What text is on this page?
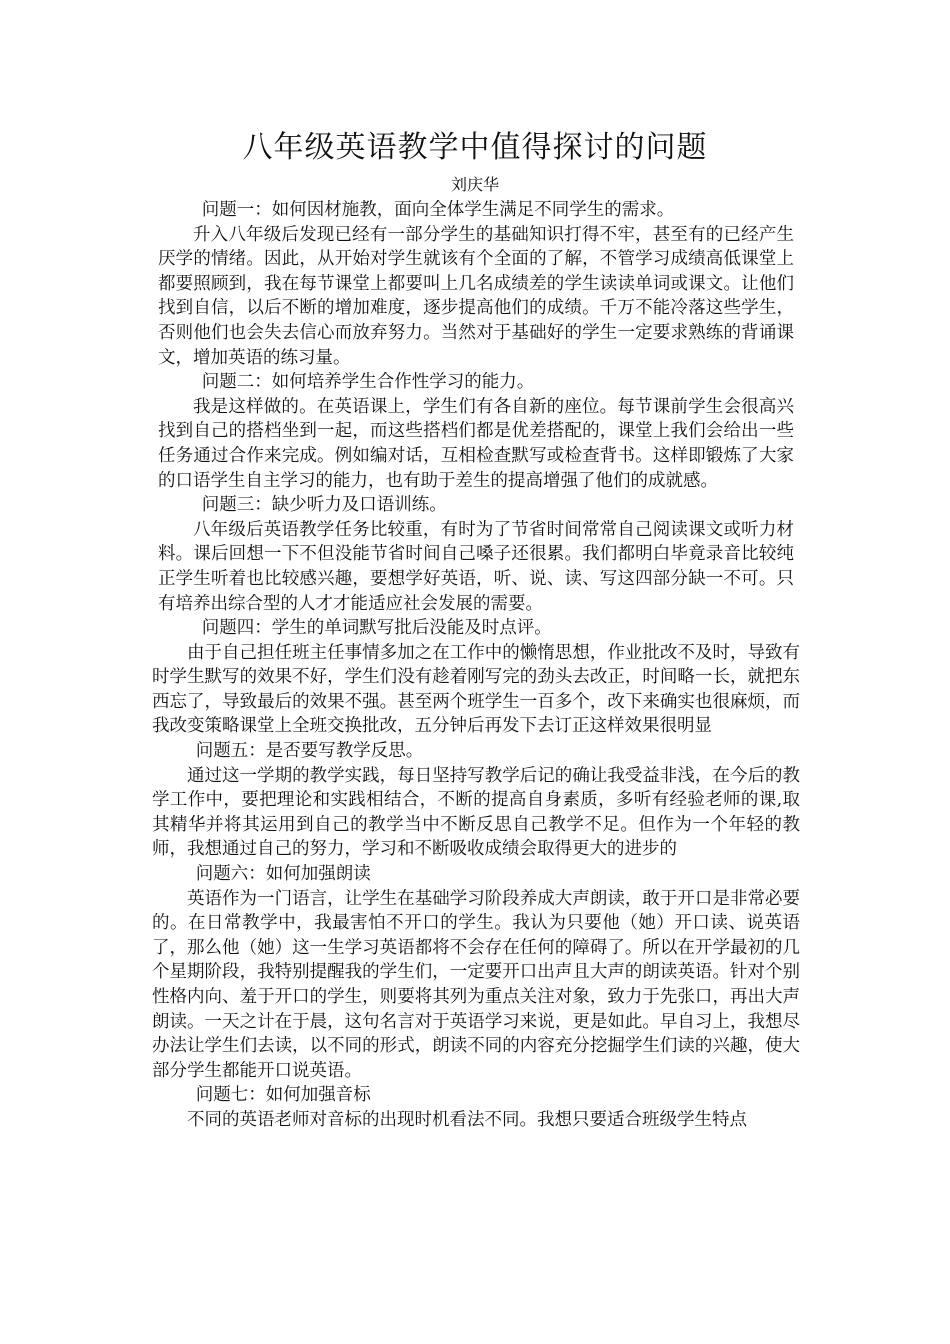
八年级英语教学中值得探讨的问题
刘庆华

问题一：如何因材施教，面向全体学生满足不同学生的需求。

升入八年级后发现已经有一部分学生的基础知识打得不牢，甚至有的已经产生厌学的情绪。因此，从开始对学生就该有个全面的了解，不管学习成绩高低课堂上都要照顾到，我在每节课堂上都要叫上几名成绩差的学生读读单词或课文。让他们找到自信，以后不断的增加难度，逐步提高他们的成绩。千万不能冷落这些学生，否则他们也会失去信心而放弃努力。当然对于基础好的学生一定要求熟练的背诵课文，增加英语的练习量。

问题二：如何培养学生合作性学习的能力。

我是这样做的。在英语课上，学生们有各自新的座位。每节课前学生会很高兴找到自己的搭档坐到一起，而这些搭档们都是优差搭配的，课堂上我们会给出一些任务通过合作来完成。例如编对话，互相检查默写或检查背书。这样即锻炼了大家的口语学生自主学习的能力，也有助于差生的提高增强了他们的成就感。

问题三：缺少听力及口语训练。

八年级后英语教学任务比较重，有时为了节省时间常常自己阅读课文或听力材料。课后回想一下不但没能节省时间自己嗓子还很累。我们都明白毕竟录音比较纯正学生听着也比较感兴趣，要想学好英语，听、说、读、写这四部分缺一不可。只有培养出综合型的人才才能适应社会发展的需要。

问题四：学生的单词默写批后没能及时点评。

由于自己担任班主任事情多加之在工作中的懒惰思想，作业批改不及时，导致有时学生默写的效果不好，学生们没有趁着刚写完的劲头去改正，时间略一长，就把东西忘了，导致最后的效果不强。甚至两个班学生一百多个，改下来确实也很麻烦，而我改变策略课堂上全班交换批改，五分钟后再发下去订正这样效果很明显

问题五：是否要写教学反思。

通过这一学期的教学实践，每日坚持写教学后记的确让我受益非浅，在今后的教学工作中，要把理论和实践相结合，不断的提高自身素质，多听有经验老师的课,取其精华并将其运用到自己的教学当中不断反思自己教学不足。但作为一个年轻的教师，我想通过自己的努力，学习和不断吸收成绩会取得更大的进步的

问题六：如何加强朗读

英语作为一门语言，让学生在基础学习阶段养成大声朗读，敢于开口是非常必要的。在日常教学中，我最害怕不开口的学生。我认为只要他（她）开口读、说英语了，那么他（她）这一生学习英语都将不会存在任何的障碍了。所以在开学最初的几个星期阶段，我特别提醒我的学生们，一定要开口出声且大声的朗读英语。针对个别性格内向、羞于开口的学生，则要将其列为重点关注对象，致力于先张口，再出大声朗读。一天之计在于晨，这句名言对于英语学习来说，更是如此。早自习上，我想尽办法让学生们去读，以不同的形式，朗读不同的内容充分挖掘学生们读的兴趣，使大部分学生都能开口说英语。

问题七：如何加强音标

不同的英语老师对音标的出现时机看法不同。我想只要适合班级学生特点
